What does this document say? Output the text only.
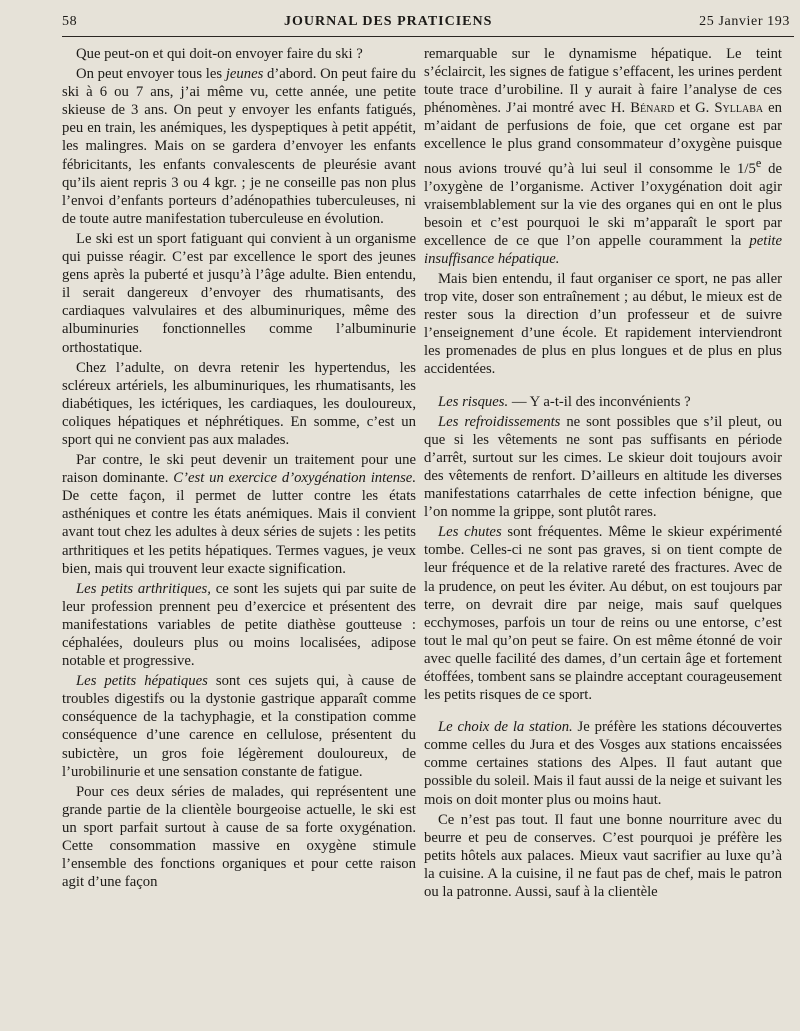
58	JOURNAL DES PRATICIENS	25 Janvier 193

Que peut-on et qui doit-on envoyer faire du ski ?

On peut envoyer tous les jeunes d’abord. On peut faire du ski à 6 ou 7 ans, j’ai même vu, cette année, une petite skieuse de 3 ans. On peut y envoyer les enfants fatigués, peu en train, les anémiques, les dyspeptiques à petit appétit, les malingres. Mais on se gardera d’envoyer les enfants fébricitants, les enfants convalescents de pleurésie avant qu’ils aient repris 3 ou 4 kgr. ; je ne conseille pas non plus l’envoi d’enfants porteurs d’adénopathies tuberculeuses, ni de toute autre manifestation tuberculeuse en évolution.

Le ski est un sport fatiguant qui convient à un organisme qui puisse réagir. C’est par excellence le sport des jeunes gens après la puberté et jusqu’à l’âge adulte. Bien entendu, il serait dangereux d’envoyer des rhumatisants, des cardiaques valvulaires et des albuminuriques, même des albuminuries fonctionnelles comme l’albuminurie orthostatique.

Chez l’adulte, on devra retenir les hypertendus, les scléreux artériels, les albuminuriques, les rhumatisants, les diabétiques, les ictériques, les cardiaques, les douloureux, coliques hépatiques et néphrétiques. En somme, c’est un sport qui ne convient pas aux malades.

Par contre, le ski peut devenir un traitement pour une raison dominante. C’est un exercice d’oxygénation intense. De cette façon, il permet de lutter contre les états asthéniques et contre les états anémiques. Mais il convient avant tout chez les adultes à deux séries de sujets : les petits arthritiques et les petits hépatiques. Termes vagues, je veux bien, mais qui trouvent leur exacte signification.

Les petits arthritiques, ce sont les sujets qui par suite de leur profession prennent peu d’exercice et présentent des manifestations variables de petite diathèse goutteuse : céphalées, douleurs plus ou moins localisées, adipose notable et progressive.

Les petits hépatiques sont ces sujets qui, à cause de troubles digestifs ou la dystonie gastrique apparaît comme conséquence de la tachyphagie, et la constipation comme conséquence d’une carence en cellulose, présentent du subictère, un gros foie légèrement douloureux, de l’urobilinurie et une sensation constante de fatigue.

Pour ces deux séries de malades, qui représentent une grande partie de la clientèle bourgeoise actuelle, le ski est un sport parfait surtout à cause de sa forte oxygénation. Cette consommation massive en oxygène stimule l’ensemble des fonctions organiques et pour cette raison agit d’une façon

remarquable sur le dynamisme hépatique. Le teint s’éclaircit, les signes de fatigue s’effacent, les urines perdent toute trace d’urobiline. Il y aurait à faire l’analyse de ces phénomènes. J’ai montré avec H. Bénard et G. Syllaba en m’aidant de perfusions de foie, que cet organe est par excellence le plus grand consommateur d’oxygène puisque nous avions trouvé qu’à lui seul il consomme le 1/5e de l’oxygène de l’organisme. Activer l’oxygénation doit agir vraisemblablement sur la vie des organes qui en ont le plus besoin et c’est pourquoi le ski m’apparaît le sport par excellence de ce que l’on appelle couramment la petite insuffisance hépatique.

Mais bien entendu, il faut organiser ce sport, ne pas aller trop vite, doser son entraînement ; au début, le mieux est de rester sous la direction d’un professeur et de suivre l’enseignement d’une école. Et rapidement interviendront les promenades de plus en plus longues et de plus en plus accidentées.

Les risques. — Y a-t-il des inconvénients ?

Les refroidissements ne sont possibles que s’il pleut, ou que si les vêtements ne sont pas suffisants en période d’arrêt, surtout sur les cimes. Le skieur doit toujours avoir des vêtements de renfort. D’ailleurs en altitude les diverses manifestations catarrhales de cette infection bénigne, que l’on nomme la grippe, sont plutôt rares.

Les chutes sont fréquentes. Même le skieur expérimenté tombe. Celles-ci ne sont pas graves, si on tient compte de leur fréquence et de la relative rareté des fractures. Avec de la prudence, on peut les éviter. Au début, on est toujours par terre, on devrait dire par neige, mais sauf quelques ecchymoses, parfois un tour de reins ou une entorse, c’est tout le mal qu’on peut se faire. On est même étonné de voir avec quelle facilité des dames, d’un certain âge et fortement étoffées, tombent sans se plaindre acceptant courageusement les petits risques de ce sport.

Le choix de la station. Je préfère les stations découvertes comme celles du Jura et des Vosges aux stations encaissées comme certaines stations des Alpes. Il faut autant que possible du soleil. Mais il faut aussi de la neige et suivant les mois on doit monter plus ou moins haut.

Ce n’est pas tout. Il faut une bonne nourriture avec du beurre et peu de conserves. C’est pourquoi je préfère les petits hôtels aux palaces. Mieux vaut sacrifier au luxe qu’à la cuisine. A la cuisine, il ne faut pas de chef, mais le patron ou la patronne. Aussi, sauf à la clientèle
